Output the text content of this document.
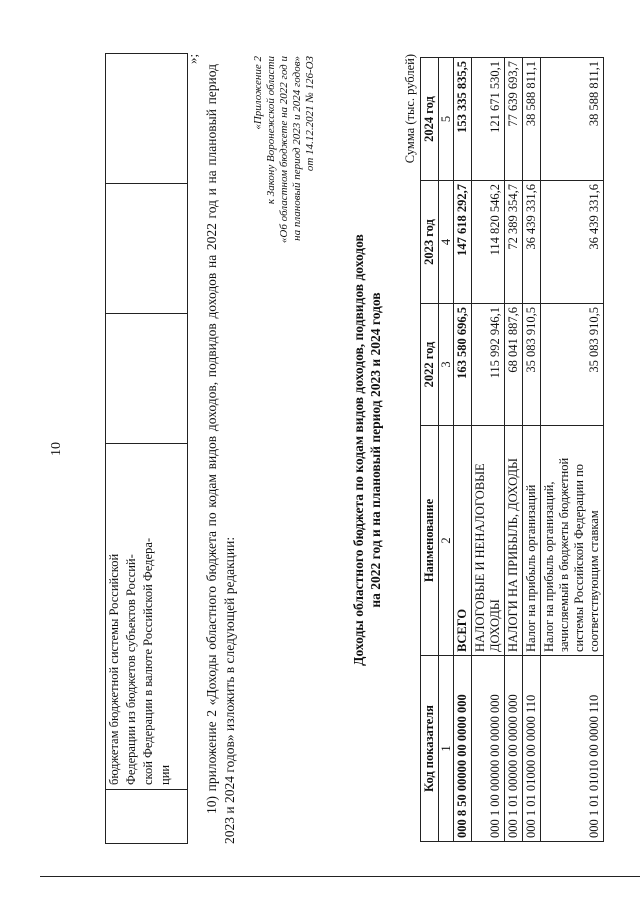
10

бюджетам бюджетной системы Российской Федерации из бюджетов субъектов Россий- ской Федерации в валюте Российской Федера- ции

»;

10) приложение 2 «Доходы областного бюджета по кодам видов доходов, подвидов доходов на 2022 год и на плановый период 2023 и 2024 годов» изложить в следующей редакции:

«Приложение 2 к Закону Воронежской области «Об областном бюджете на 2022 год и на плановый период 2023 и 2024 годов» от 14.12.2021 № 126-ОЗ
Доходы областного бюджета по кодам видов доходов, подвидов доходов на 2022 год и на плановый период 2023 и 2024 годов
Сумма (тыс. рублей)
Код показателя	Наименование	2022 год	2023 год	2024 год
1	2	3	4	5
000 8 50 00000 00 0000 000	ВСЕГО	163 580 696,5	147 618 292,7	153 335 835,5
000 1 00 00000 00 0000 000	НАЛОГОВЫЕ И НЕНАЛОГОВЫЕ ДОХОДЫ	115 992 946,1	114 820 546,2	121 671 530,1
000 1 01 00000 00 0000 000	НАЛОГИ НА ПРИБЫЛЬ, ДОХОДЫ	68 041 887,6	72 389 354,7	77 639 693,7
000 1 01 01000 00 0000 110	Налог на прибыль организаций	35 083 910,5	36 439 331,6	38 588 811,1
000 1 01 01010 00 0000 110	Налог на прибыль организаций, зачисляемый в бюджеты бюджетной системы Российской Федерации по соответствующим ставкам	35 083 910,5	36 439 331,6	38 588 811,1
